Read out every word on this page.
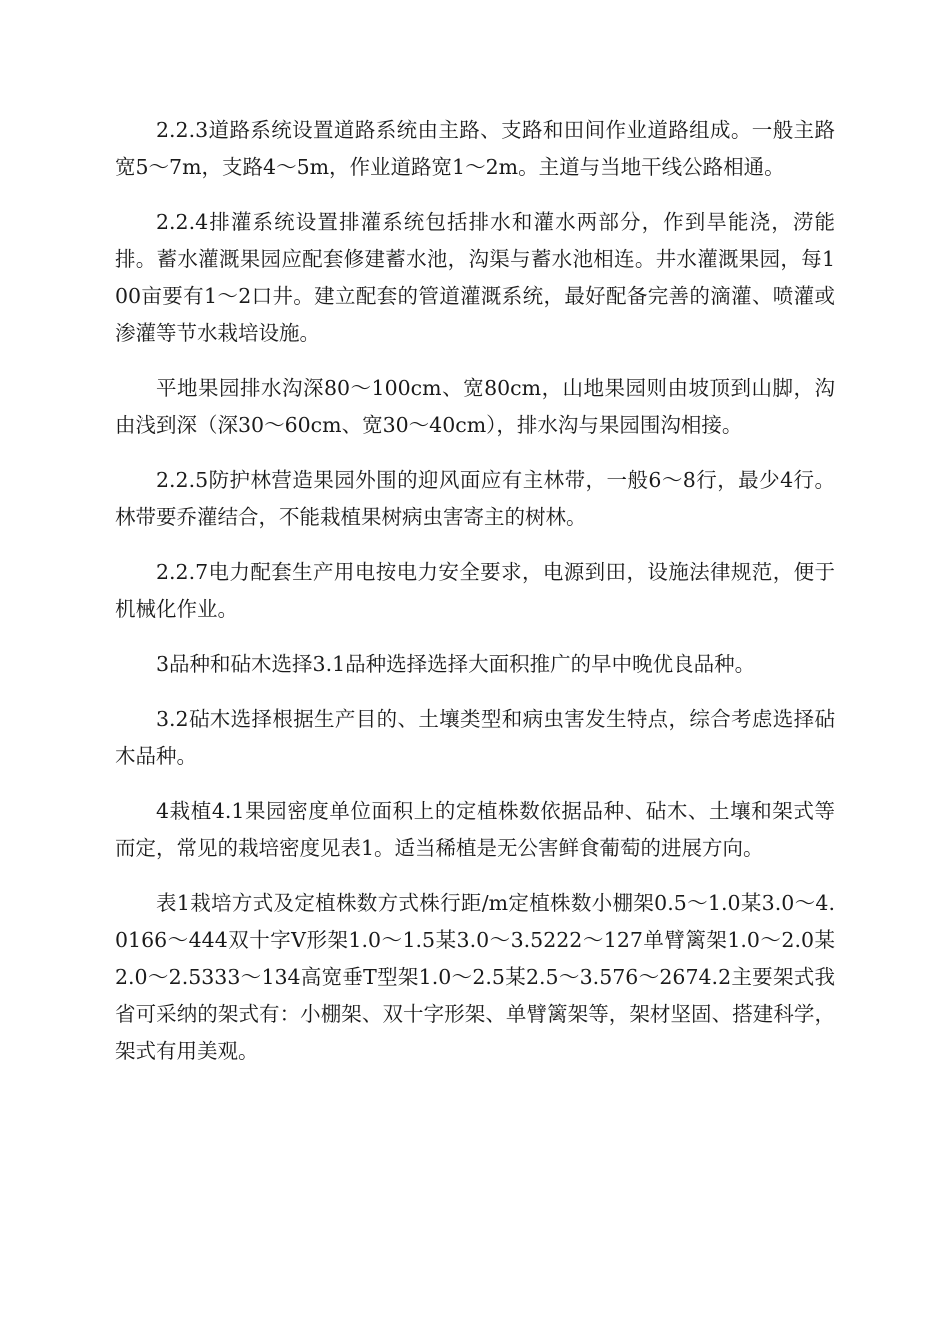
2.2.3道路系统设置道路系统由主路、支路和田间作业道路组成。一般主路宽5～7m，支路4～5m，作业道路宽1～2m。主道与当地干线公路相通。

2.2.4排灌系统设置排灌系统包括排水和灌水两部分，作到旱能浇，涝能排。蓄水灌溉果园应配套修建蓄水池，沟渠与蓄水池相连。井水灌溉果园，每100亩要有1～2口井。建立配套的管道灌溉系统，最好配备完善的滴灌、喷灌或渗灌等节水栽培设施。

平地果园排水沟深80～100cm、宽80cm，山地果园则由坡顶到山脚，沟由浅到深（深30～60cm、宽30～40cm），排水沟与果园围沟相接。

2.2.5防护林营造果园外围的迎风面应有主林带，一般6～8行，最少4行。林带要乔灌结合，不能栽植果树病虫害寄主的树林。

2.2.7电力配套生产用电按电力安全要求，电源到田，设施法律规范，便于机械化作业。

3品种和砧木选择3.1品种选择选择大面积推广的早中晚优良品种。

3.2砧木选择根据生产目的、土壤类型和病虫害发生特点，综合考虑选择砧木品种。

4栽植4.1果园密度单位面积上的定植株数依据品种、砧木、土壤和架式等而定，常见的栽培密度见表1。适当稀植是无公害鲜食葡萄的进展方向。

表1栽培方式及定植株数方式株行距/m定植株数小棚架0.5～1.0某3.0～4.0166～444双十字V形架1.0～1.5某3.0～3.5222～127单臂篱架1.0～2.0某2.0～2.5333～134高宽垂T型架1.0～2.5某2.5～3.576～2674.2主要架式我省可采纳的架式有：小棚架、双十字形架、单臂篱架等，架材坚固、搭建科学，架式有用美观。
